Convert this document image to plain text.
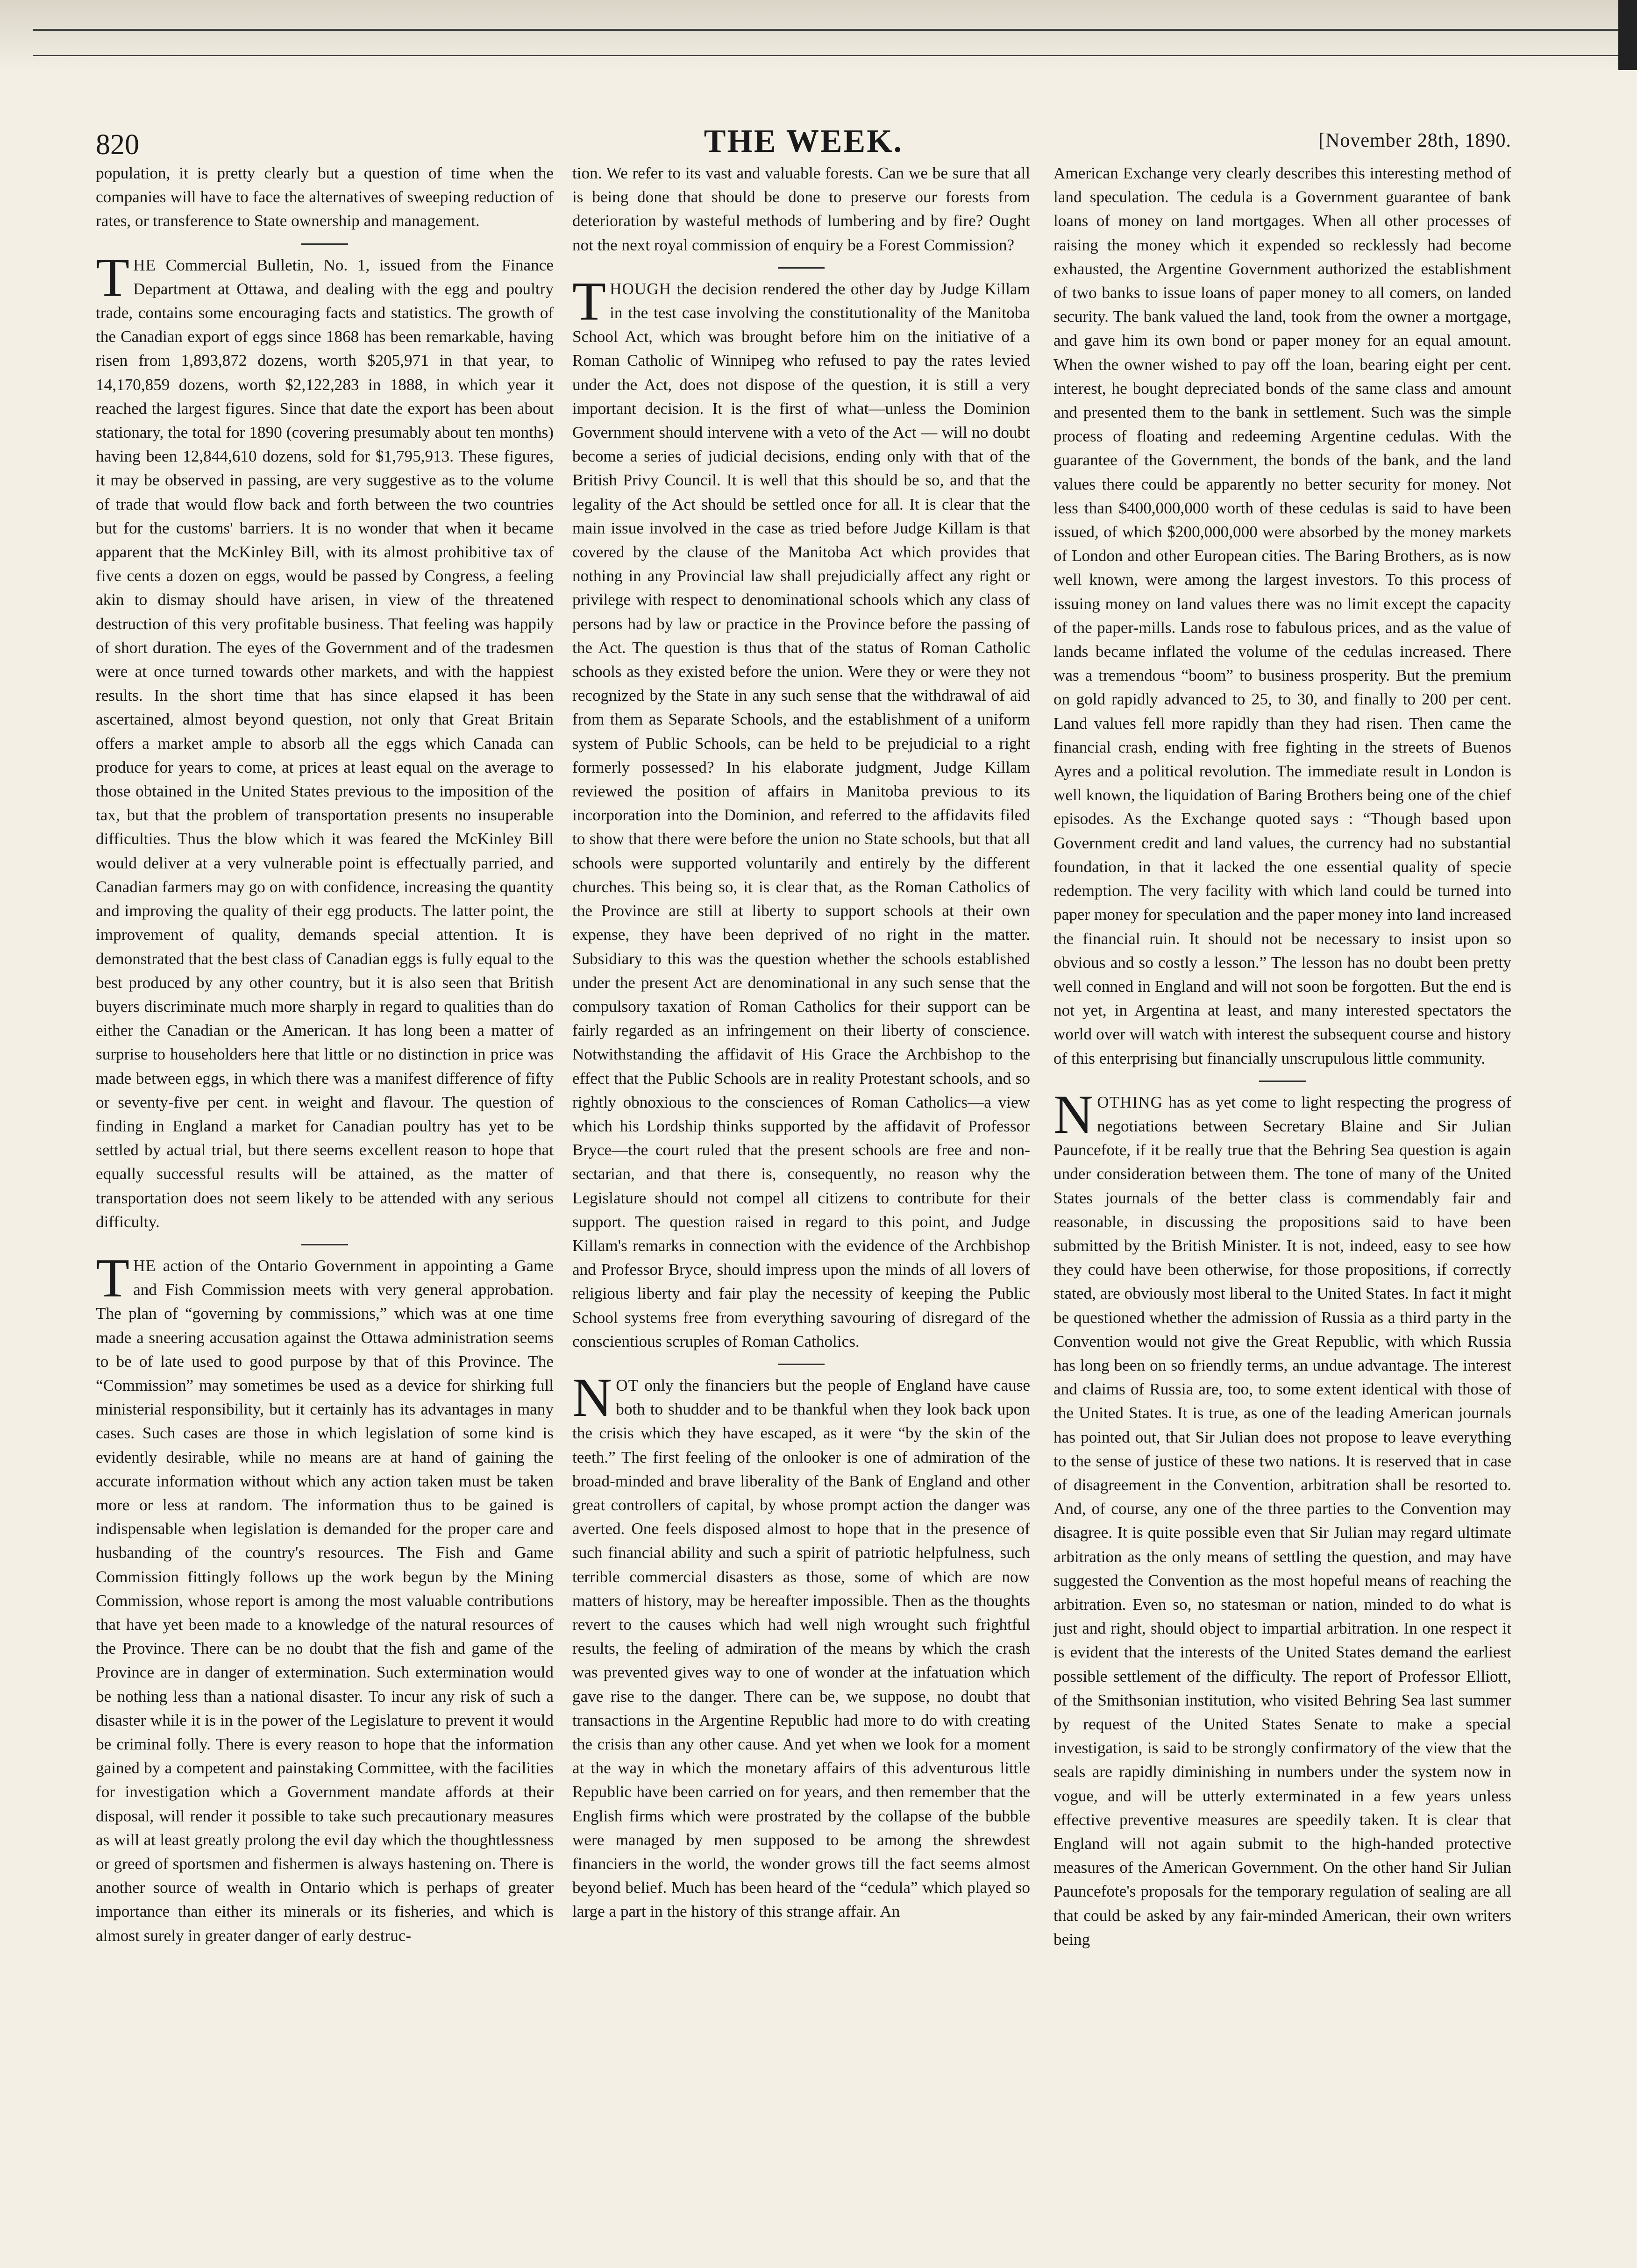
820	THE WEEK.	[November 28th, 1890.

population, it is pretty clearly but a question of time when the companies will have to face the alternatives of sweeping reduction of rates, or transference to State ownership and management.

THE Commercial Bulletin, No. 1, issued from the Finance Department at Ottawa, and dealing with the egg and poultry trade, contains some encouraging facts and statistics. The growth of the Canadian export of eggs since 1868 has been remarkable, having risen from 1,893,872 dozens, worth $205,971 in that year, to 14,170,859 dozens, worth $2,122,283 in 1888, in which year it reached the largest figures. Since that date the export has been about stationary, the total for 1890 (covering presumably about ten months) having been 12,844,610 dozens, sold for $1,795,913. These figures, it may be observed in passing, are very suggestive as to the volume of trade that would flow back and forth between the two countries but for the customs' barriers. It is no wonder that when it became apparent that the McKinley Bill, with its almost prohibitive tax of five cents a dozen on eggs, would be passed by Congress, a feeling akin to dismay should have arisen, in view of the threatened destruction of this very profitable business. That feeling was happily of short duration. The eyes of the Government and of the tradesmen were at once turned towards other markets, and with the happiest results. In the short time that has since elapsed it has been ascertained, almost beyond question, not only that Great Britain offers a market ample to absorb all the eggs which Canada can produce for years to come, at prices at least equal on the average to those obtained in the United States previous to the imposition of the tax, but that the problem of transportation presents no insuperable difficulties. Thus the blow which it was feared the McKinley Bill would deliver at a very vulnerable point is effectually parried, and Canadian farmers may go on with confidence, increasing the quantity and improving the quality of their egg products. The latter point, the improvement of quality, demands special attention. It is demonstrated that the best class of Canadian eggs is fully equal to the best produced by any other country, but it is also seen that British buyers discriminate much more sharply in regard to qualities than do either the Canadian or the American. It has long been a matter of surprise to householders here that little or no distinction in price was made between eggs, in which there was a manifest difference of fifty or seventy-five per cent. in weight and flavour. The question of finding in England a market for Canadian poultry has yet to be settled by actual trial, but there seems excellent reason to hope that equally successful results will be attained, as the matter of transportation does not seem likely to be attended with any serious difficulty.

THE action of the Ontario Government in appointing a Game and Fish Commission meets with very general approbation. The plan of “governing by commissions,” which was at one time made a sneering accusation against the Ottawa administration seems to be of late used to good purpose by that of this Province. The “Commission” may sometimes be used as a device for shirking full ministerial responsibility, but it certainly has its advantages in many cases. Such cases are those in which legislation of some kind is evidently desirable, while no means are at hand of gaining the accurate information without which any action taken must be taken more or less at random. The information thus to be gained is indispensable when legislation is demanded for the proper care and husbanding of the country's resources. The Fish and Game Commission fittingly follows up the work begun by the Mining Commission, whose report is among the most valuable contributions that have yet been made to a knowledge of the natural resources of the Province. There can be no doubt that the fish and game of the Province are in danger of extermination. Such extermination would be nothing less than a national disaster. To incur any risk of such a disaster while it is in the power of the Legislature to prevent it would be criminal folly. There is every reason to hope that the information gained by a competent and painstaking Committee, with the facilities for investigation which a Government mandate affords at their disposal, will render it possible to take such precautionary measures as will at least greatly prolong the evil day which the thoughtlessness or greed of sportsmen and fishermen is always hastening on. There is another source of wealth in Ontario which is perhaps of greater importance than either its minerals or its fisheries, and which is almost surely in greater danger of early destruc-

tion. We refer to its vast and valuable forests. Can we be sure that all is being done that should be done to preserve our forests from deterioration by wasteful methods of lumbering and by fire? Ought not the next royal commission of enquiry be a Forest Commission?

THOUGH the decision rendered the other day by Judge Killam in the test case involving the constitutionality of the Manitoba School Act, which was brought before him on the initiative of a Roman Catholic of Winnipeg who refused to pay the rates levied under the Act, does not dispose of the question, it is still a very important decision. It is the first of what—unless the Dominion Government should intervene with a veto of the Act — will no doubt become a series of judicial decisions, ending only with that of the British Privy Council. It is well that this should be so, and that the legality of the Act should be settled once for all. It is clear that the main issue involved in the case as tried before Judge Killam is that covered by the clause of the Manitoba Act which provides that nothing in any Provincial law shall prejudicially affect any right or privilege with respect to denominational schools which any class of persons had by law or practice in the Province before the passing of the Act. The question is thus that of the status of Roman Catholic schools as they existed before the union. Were they or were they not recognized by the State in any such sense that the withdrawal of aid from them as Separate Schools, and the establishment of a uniform system of Public Schools, can be held to be prejudicial to a right formerly possessed? In his elaborate judgment, Judge Killam reviewed the position of affairs in Manitoba previous to its incorporation into the Dominion, and referred to the affidavits filed to show that there were before the union no State schools, but that all schools were supported voluntarily and entirely by the different churches. This being so, it is clear that, as the Roman Catholics of the Province are still at liberty to support schools at their own expense, they have been deprived of no right in the matter. Subsidiary to this was the question whether the schools established under the present Act are denominational in any such sense that the compulsory taxation of Roman Catholics for their support can be fairly regarded as an infringement on their liberty of conscience. Notwithstanding the affidavit of His Grace the Archbishop to the effect that the Public Schools are in reality Protestant schools, and so rightly obnoxious to the consciences of Roman Catholics—a view which his Lordship thinks supported by the affidavit of Professor Bryce—the court ruled that the present schools are free and non-sectarian, and that there is, consequently, no reason why the Legislature should not compel all citizens to contribute for their support. The question raised in regard to this point, and Judge Killam's remarks in connection with the evidence of the Archbishop and Professor Bryce, should impress upon the minds of all lovers of religious liberty and fair play the necessity of keeping the Public School systems free from everything savouring of disregard of the conscientious scruples of Roman Catholics.

NOT only the financiers but the people of England have cause both to shudder and to be thankful when they look back upon the crisis which they have escaped, as it were “by the skin of the teeth.” The first feeling of the onlooker is one of admiration of the broad-minded and brave liberality of the Bank of England and other great controllers of capital, by whose prompt action the danger was averted. One feels disposed almost to hope that in the presence of such financial ability and such a spirit of patriotic helpfulness, such terrible commercial disasters as those, some of which are now matters of history, may be hereafter impossible. Then as the thoughts revert to the causes which had well nigh wrought such frightful results, the feeling of admiration of the means by which the crash was prevented gives way to one of wonder at the infatuation which gave rise to the danger. There can be, we suppose, no doubt that transactions in the Argentine Republic had more to do with creating the crisis than any other cause. And yet when we look for a moment at the way in which the monetary affairs of this adventurous little Republic have been carried on for years, and then remember that the English firms which were prostrated by the collapse of the bubble were managed by men supposed to be among the shrewdest financiers in the world, the wonder grows till the fact seems almost beyond belief. Much has been heard of the “cedula” which played so large a part in the history of this strange affair. An

American Exchange very clearly describes this interesting method of land speculation. The cedula is a Government guarantee of bank loans of money on land mortgages. When all other processes of raising the money which it expended so recklessly had become exhausted, the Argentine Government authorized the establishment of two banks to issue loans of paper money to all comers, on landed security. The bank valued the land, took from the owner a mortgage, and gave him its own bond or paper money for an equal amount. When the owner wished to pay off the loan, bearing eight per cent. interest, he bought depreciated bonds of the same class and amount and presented them to the bank in settlement. Such was the simple process of floating and redeeming Argentine cedulas. With the guarantee of the Government, the bonds of the bank, and the land values there could be apparently no better security for money. Not less than $400,000,000 worth of these cedulas is said to have been issued, of which $200,000,000 were absorbed by the money markets of London and other European cities. The Baring Brothers, as is now well known, were among the largest investors. To this process of issuing money on land values there was no limit except the capacity of the paper-mills. Lands rose to fabulous prices, and as the value of lands became inflated the volume of the cedulas increased. There was a tremendous “boom” to business prosperity. But the premium on gold rapidly advanced to 25, to 30, and finally to 200 per cent. Land values fell more rapidly than they had risen. Then came the financial crash, ending with free fighting in the streets of Buenos Ayres and a political revolution. The immediate result in London is well known, the liquidation of Baring Brothers being one of the chief episodes. As the Exchange quoted says : “Though based upon Government credit and land values, the currency had no substantial foundation, in that it lacked the one essential quality of specie redemption. The very facility with which land could be turned into paper money for speculation and the paper money into land increased the financial ruin. It should not be necessary to insist upon so obvious and so costly a lesson.” The lesson has no doubt been pretty well conned in England and will not soon be forgotten. But the end is not yet, in Argentina at least, and many interested spectators the world over will watch with interest the subsequent course and history of this enterprising but financially unscrupulous little community.

NOTHING has as yet come to light respecting the progress of negotiations between Secretary Blaine and Sir Julian Pauncefote, if it be really true that the Behring Sea question is again under consideration between them. The tone of many of the United States journals of the better class is commendably fair and reasonable, in discussing the propositions said to have been submitted by the British Minister. It is not, indeed, easy to see how they could have been otherwise, for those propositions, if correctly stated, are obviously most liberal to the United States. In fact it might be questioned whether the admission of Russia as a third party in the Convention would not give the Great Republic, with which Russia has long been on so friendly terms, an undue advantage. The interest and claims of Russia are, too, to some extent identical with those of the United States. It is true, as one of the leading American journals has pointed out, that Sir Julian does not propose to leave everything to the sense of justice of these two nations. It is reserved that in case of disagreement in the Convention, arbitration shall be resorted to. And, of course, any one of the three parties to the Convention may disagree. It is quite possible even that Sir Julian may regard ultimate arbitration as the only means of settling the question, and may have suggested the Convention as the most hopeful means of reaching the arbitration. Even so, no statesman or nation, minded to do what is just and right, should object to impartial arbitration. In one respect it is evident that the interests of the United States demand the earliest possible settlement of the difficulty. The report of Professor Elliott, of the Smithsonian institution, who visited Behring Sea last summer by request of the United States Senate to make a special investigation, is said to be strongly confirmatory of the view that the seals are rapidly diminishing in numbers under the system now in vogue, and will be utterly exterminated in a few years unless effective preventive measures are speedily taken. It is clear that England will not again submit to the high-handed protective measures of the American Government. On the other hand Sir Julian Pauncefote's proposals for the temporary regulation of sealing are all that could be asked by any fair-minded American, their own writers being
